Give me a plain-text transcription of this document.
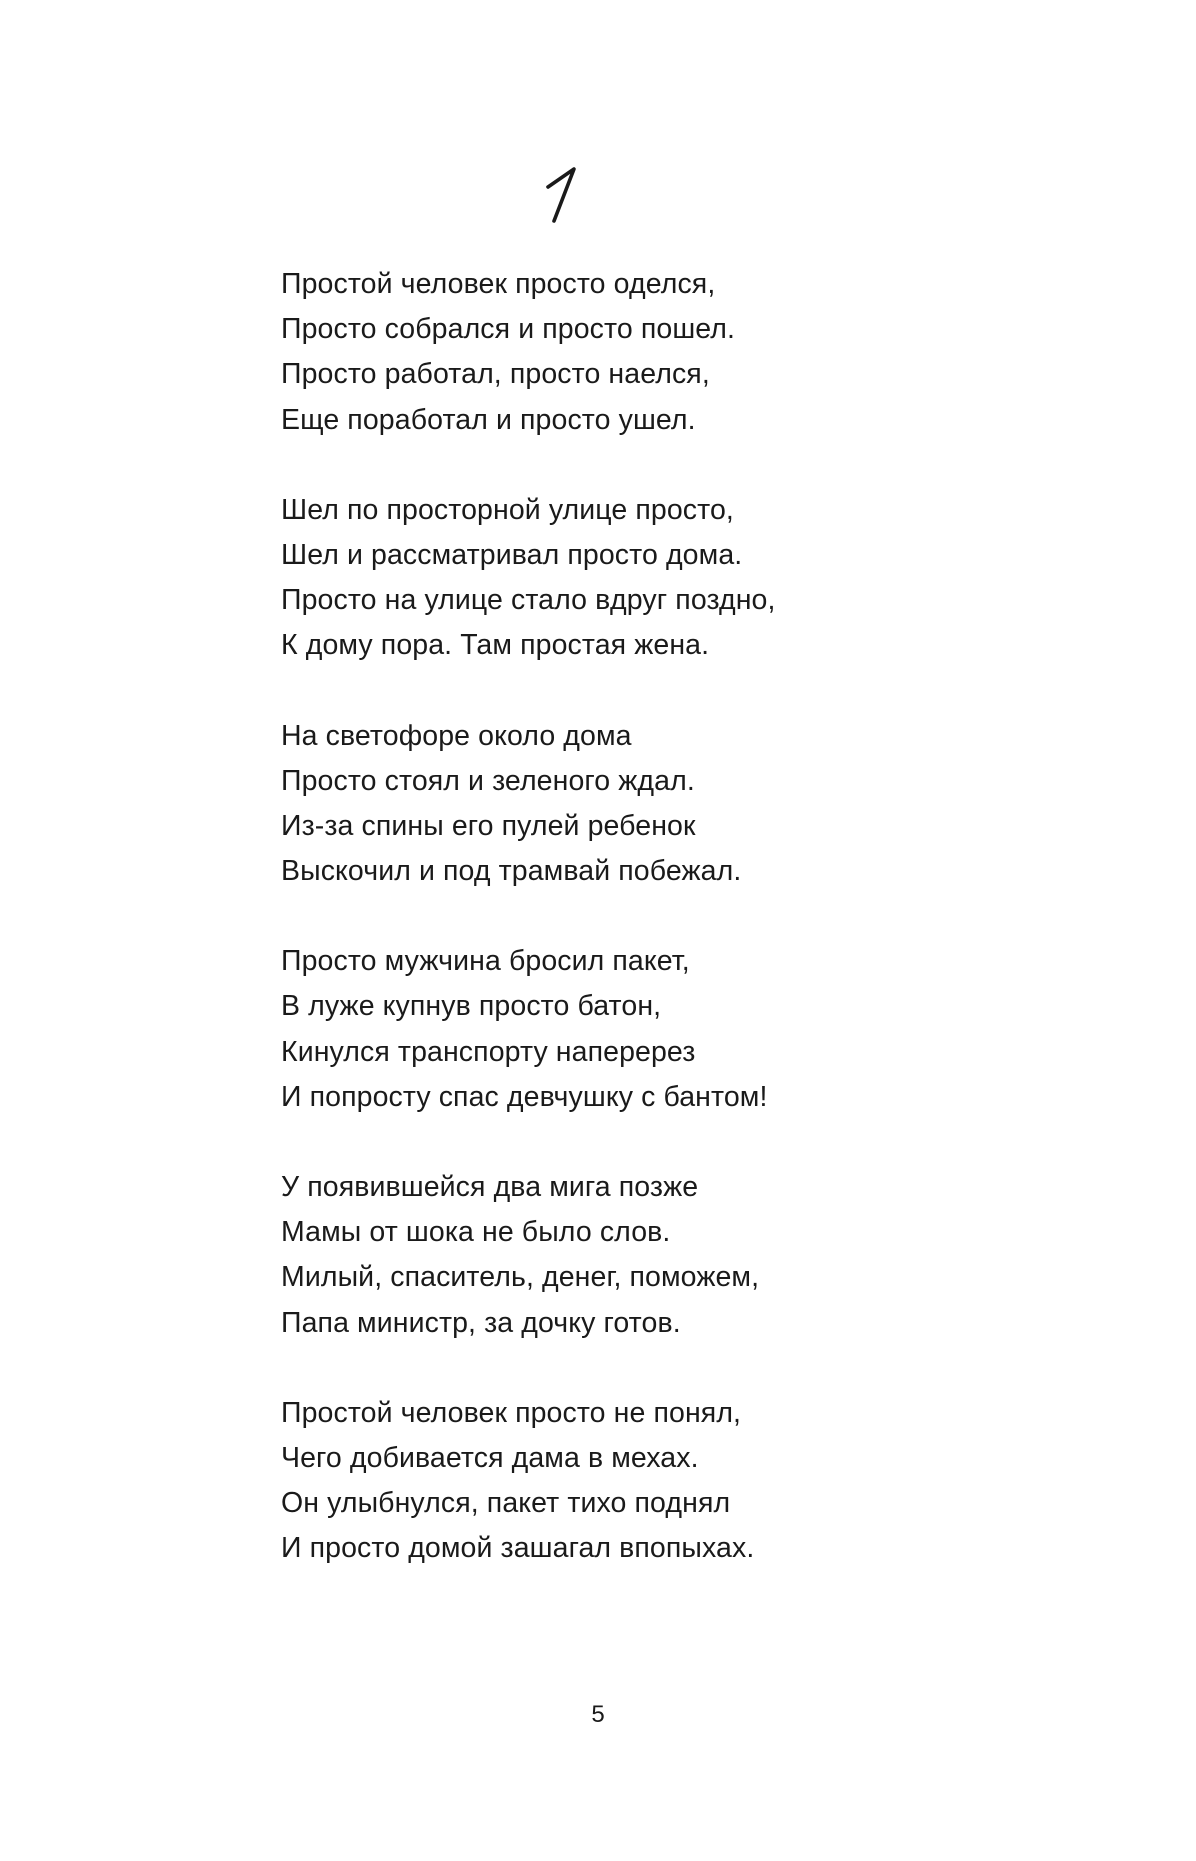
Простой человек просто оделся,
Просто собрался и просто пошел.
Просто работал, просто наелся,
Еще поработал и просто ушел.
Шел по просторной улице просто,
Шел и рассматривал просто дома.
Просто на улице стало вдруг поздно,
К дому пора. Там простая жена.
На светофоре около дома
Просто стоял и зеленого ждал.
Из-за спины его пулей ребенок
Выскочил и под трамвай побежал.
Просто мужчина бросил пакет,
В луже купнув просто батон,
Кинулся транспорту наперерез
И попросту спас девчушку с бантом!
У появившейся два мига позже
Мамы от шока не было слов.
Милый, спаситель, денег, поможем,
Папа министр, за дочку готов.
Простой человек просто не понял,
Чего добивается дама в мехах.
Он улыбнулся, пакет тихо поднял
И просто домой зашагал впопыхах.
5
